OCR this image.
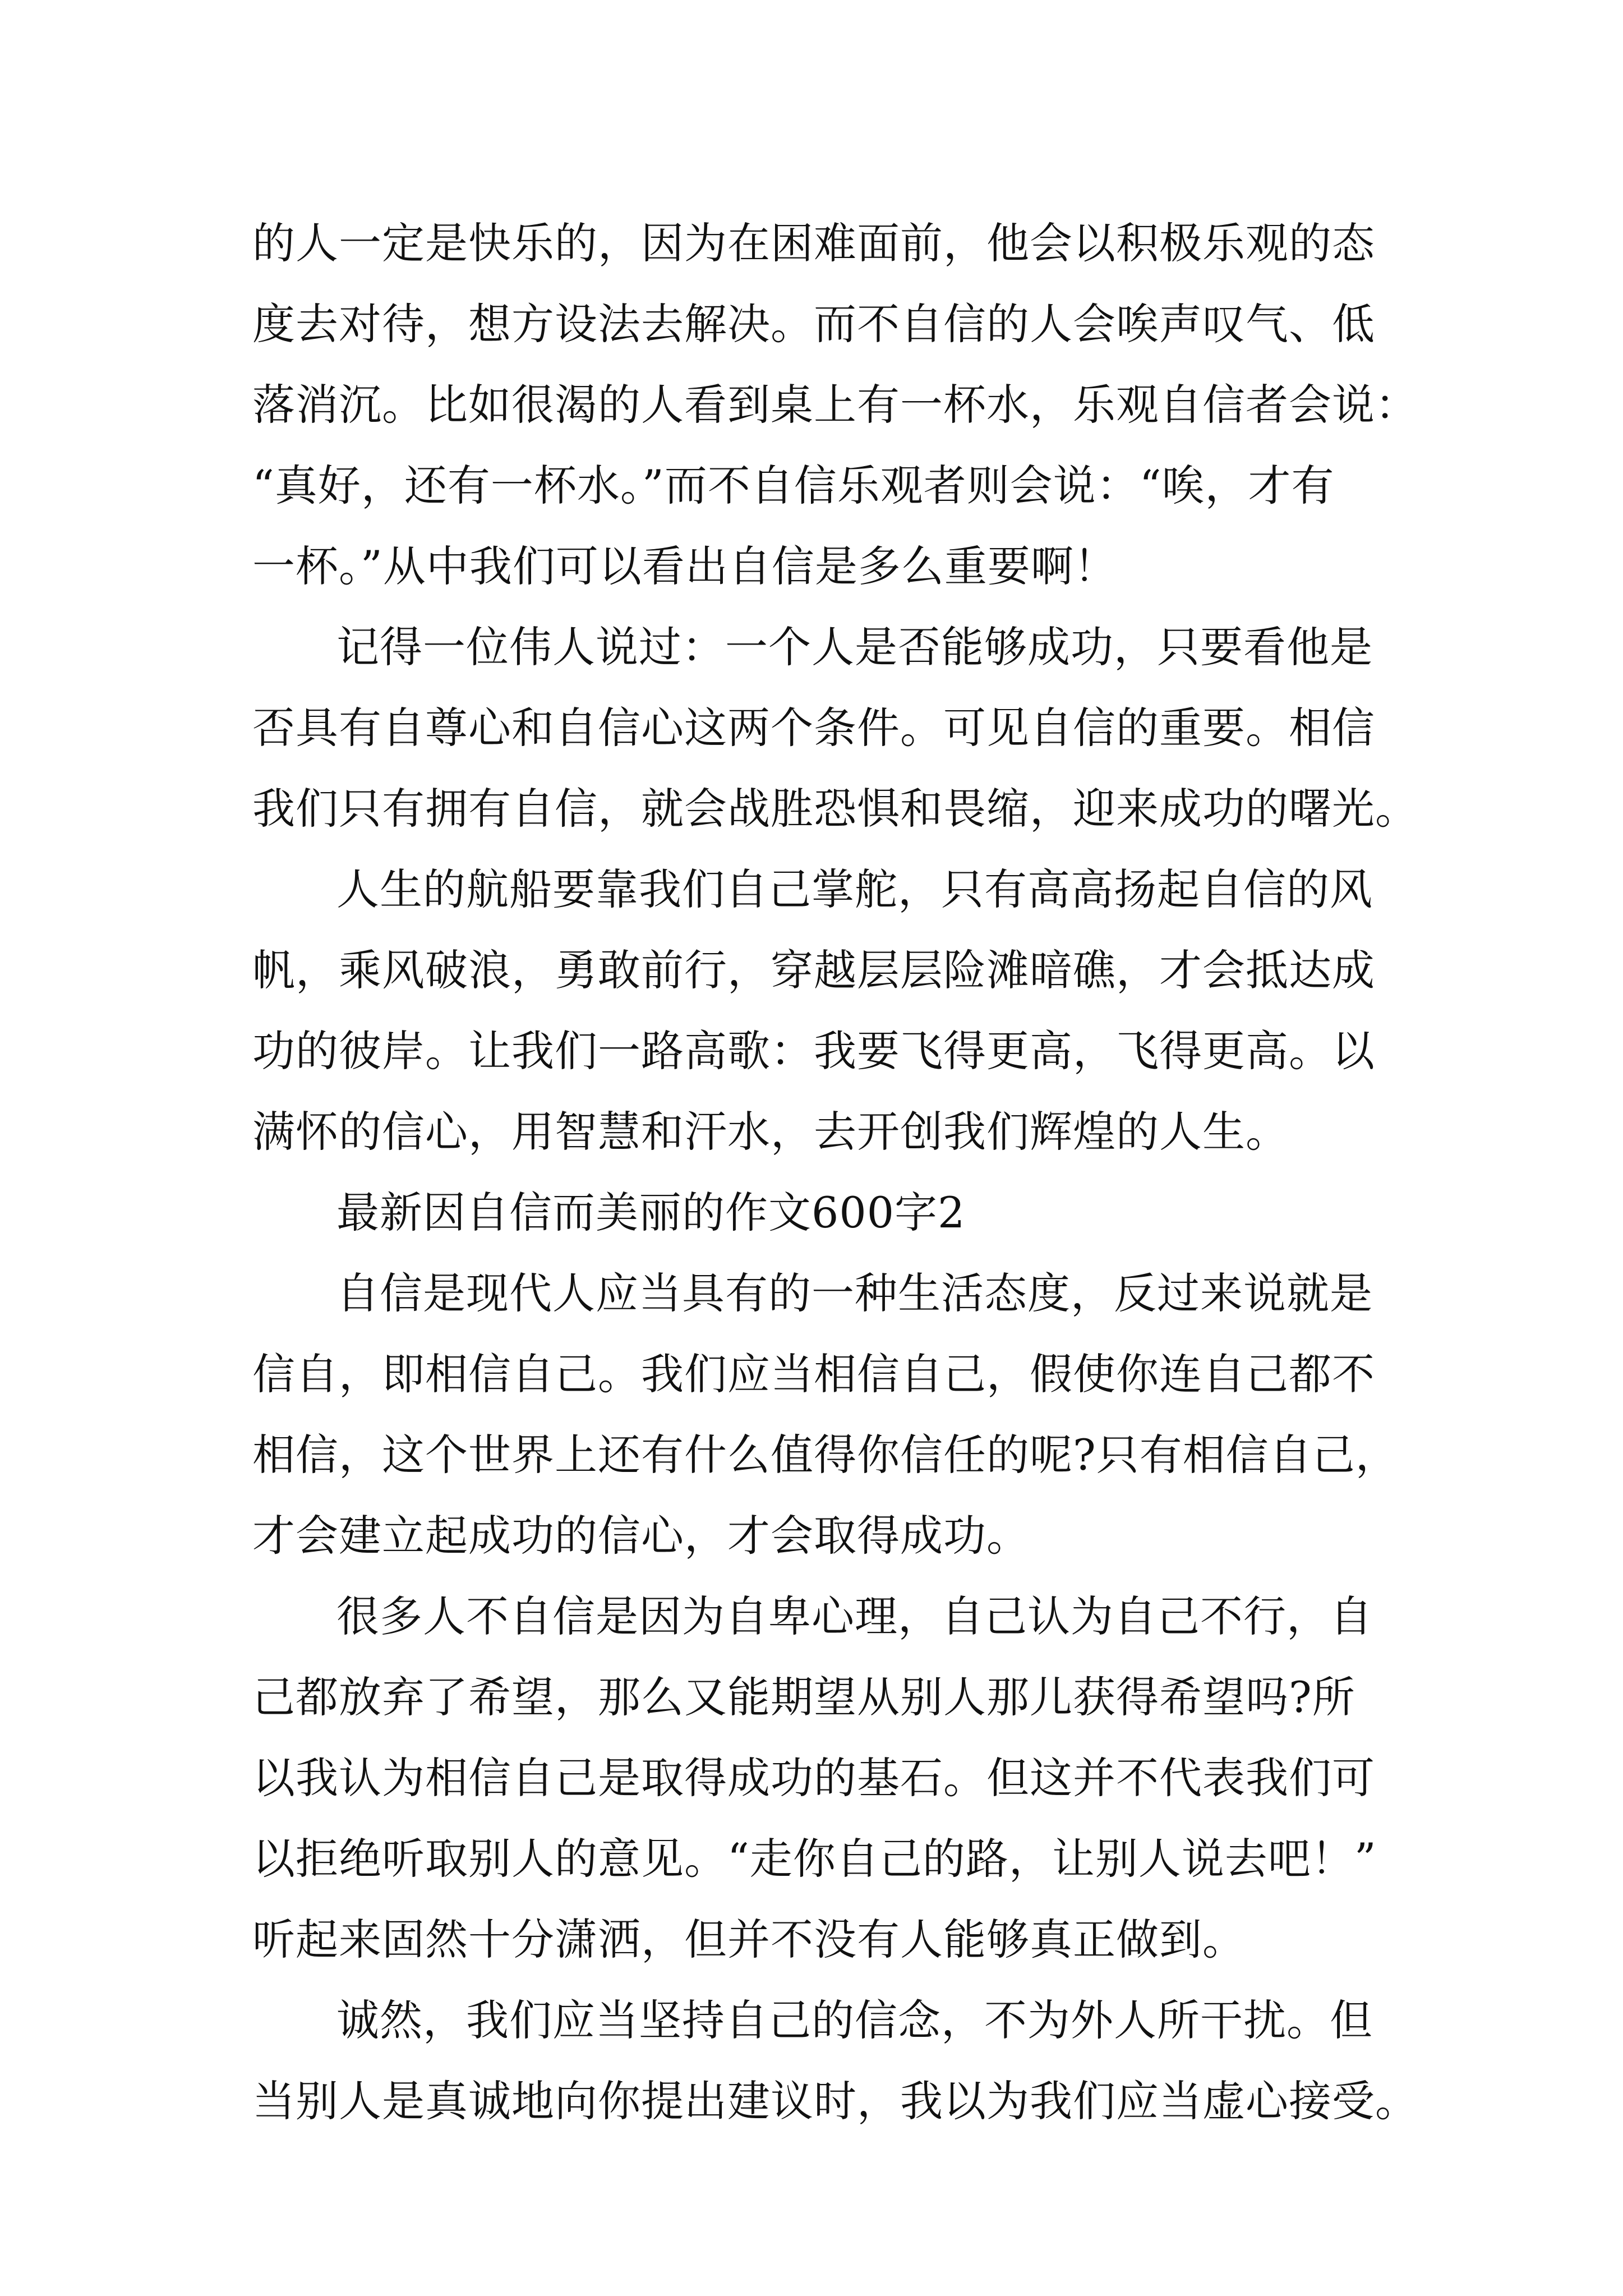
的人一定是快乐的，因为在困难面前，他会以积极乐观的态
度去对待，想方设法去解决。而不自信的人会唉声叹气、低
落消沉。比如很渴的人看到桌上有一杯水，乐观自信者会说：
“真好，还有一杯水。”而不自信乐观者则会说：“唉，才有
一杯。”从中我们可以看出自信是多么重要啊！
记得一位伟人说过：一个人是否能够成功，只要看他是
否具有自尊心和自信心这两个条件。可见自信的重要。相信
我们只有拥有自信，就会战胜恐惧和畏缩，迎来成功的曙光。
人生的航船要靠我们自己掌舵，只有高高扬起自信的风
帆，乘风破浪，勇敢前行，穿越层层险滩暗礁，才会抵达成
功的彼岸。让我们一路高歌：我要飞得更高，飞得更高。以
满怀的信心，用智慧和汗水，去开创我们辉煌的人生。
最新因自信而美丽的作文600字2
自信是现代人应当具有的一种生活态度，反过来说就是
信自，即相信自己。我们应当相信自己，假使你连自己都不
相信，这个世界上还有什么值得你信任的呢?只有相信自己，
才会建立起成功的信心，才会取得成功。
很多人不自信是因为自卑心理，自己认为自己不行，自
己都放弃了希望，那么又能期望从别人那儿获得希望吗?所
以我认为相信自己是取得成功的基石。但这并不代表我们可
以拒绝听取别人的意见。“走你自己的路，让别人说去吧！”
听起来固然十分潇洒，但并不没有人能够真正做到。
诚然，我们应当坚持自己的信念，不为外人所干扰。但
当别人是真诚地向你提出建议时，我以为我们应当虚心接受。
